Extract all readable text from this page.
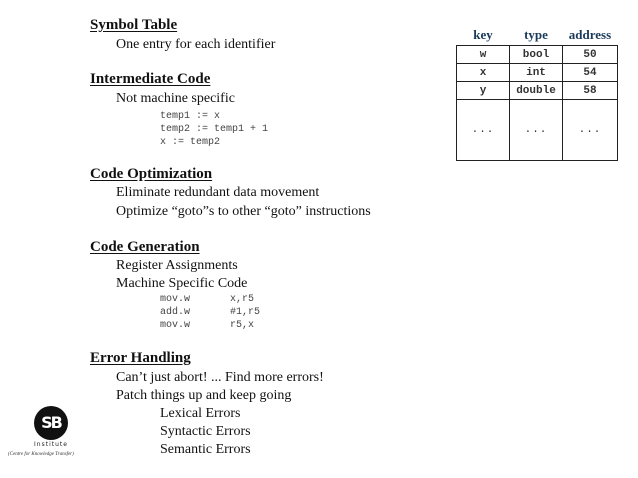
Symbol Table
One entry for each identifier
Intermediate Code
Not machine specific
temp1 := x
temp2 := temp1 + 1
x := temp2
Code Optimization
Eliminate redundant data movement
Optimize “goto”s to other “goto” instructions
Code Generation
Register Assignments
Machine Specific Code
mov.w	x,r5
add.w	#1,r5
mov.w	r5,x
Error Handling
Can’t just abort! ... Find more errors!
Patch things up and keep going
Lexical Errors
Syntactic Errors
Semantic Errors
key	type	address
w	bool	50
x	int	54
y	double	58
...	...	...
SB
Institute
(Centre for Knowledge Transfer)
